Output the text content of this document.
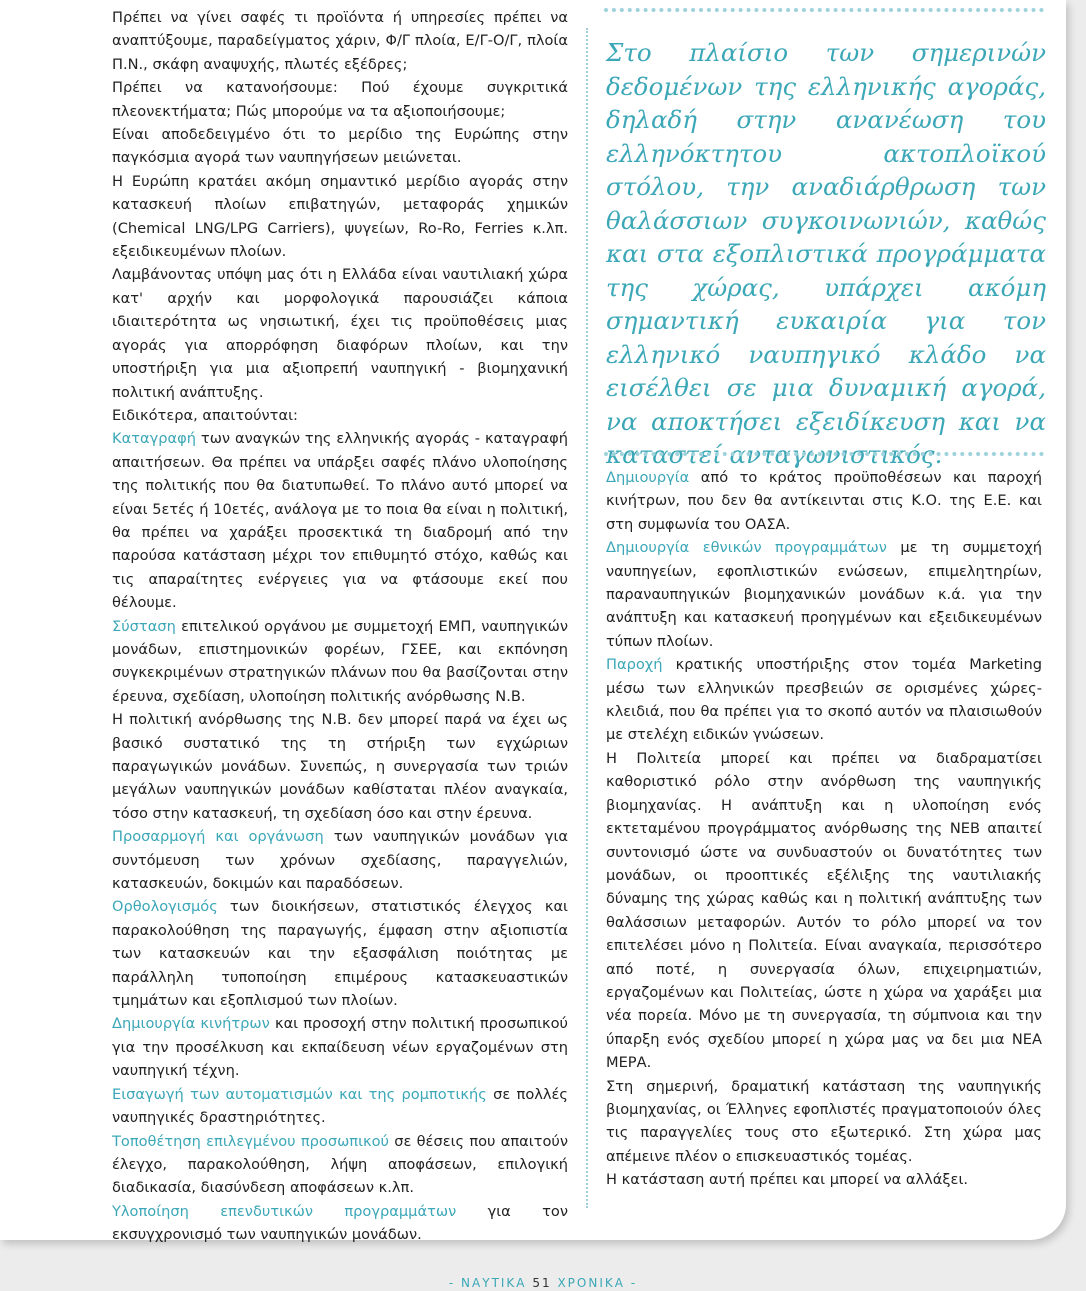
Πρέπει να γίνει σαφές τι προϊόντα ή υπηρεσίες πρέπει να αναπτύξουμε, παραδείγματος χάριν, Φ/Γ πλοία, Ε/Γ-Ο/Γ, πλοία Π.Ν., σκάφη αναψυχής, πλωτές εξέδρες;

Πρέπει να κατανοήσουμε: Πού έχουμε συγκριτικά πλεονεκτήματα; Πώς μπορούμε να τα αξιοποιήσουμε;

Είναι αποδεδειγμένο ότι το μερίδιο της Ευρώπης στην παγκόσμια αγορά των ναυπηγήσεων μειώνεται.

Η Ευρώπη κρατάει ακόμη σημαντικό μερίδιο αγοράς στην κατασκευή πλοίων επιβατηγών, μεταφοράς χημικών (Chemical LNG/LPG Carriers), ψυγείων, Ro-Ro, Ferries κ.λπ. εξειδικευμένων πλοίων.

Λαμβάνοντας υπόψη μας ότι η Ελλάδα είναι ναυτιλιακή χώρα κατ' αρχήν και μορφολογικά παρουσιάζει κάποια ιδιαιτερότητα ως νησιωτική, έχει τις προϋποθέσεις μιας αγοράς για απορρόφηση διαφόρων πλοίων, και την υποστήριξη για μια αξιοπρεπή ναυπηγική - βιομηχανική πολιτική ανάπτυξης.

Ειδικότερα, απαιτούνται:

Καταγραφή των αναγκών της ελληνικής αγοράς - καταγραφή απαιτήσεων. Θα πρέπει να υπάρξει σαφές πλάνο υλοποίησης της πολιτικής που θα διατυπωθεί. Το πλάνο αυτό μπορεί να είναι 5ετές ή 10ετές, ανάλογα με το ποια θα είναι η πολιτική, θα πρέπει να χαράξει προσεκτικά τη διαδρομή από την παρούσα κατάσταση μέχρι τον επιθυμητό στόχο, καθώς και τις απαραίτητες ενέργειες για να φτάσουμε εκεί που θέλουμε.

Σύσταση επιτελικού οργάνου με συμμετοχή ΕΜΠ, ναυπηγικών μονάδων, επιστημονικών φορέων, ΓΣΕΕ, και εκπόνηση συγκεκριμένων στρατηγικών πλάνων που θα βασίζονται στην έρευνα, σχεδίαση, υλοποίηση πολιτικής ανόρθωσης Ν.Β.

Η πολιτική ανόρθωσης της Ν.Β. δεν μπορεί παρά να έχει ως βασικό συστατικό της τη στήριξη των εγχώριων παραγωγικών μονάδων. Συνεπώς, η συνεργασία των τριών μεγάλων ναυπηγικών μονάδων καθίσταται πλέον αναγκαία, τόσο στην κατασκευή, τη σχεδίαση όσο και στην έρευνα.

Προσαρμογή και οργάνωση των ναυπηγικών μονάδων για συντόμευση των χρόνων σχεδίασης, παραγγελιών, κατασκευών, δοκιμών και παραδόσεων.

Ορθολογισμός των διοικήσεων, στατιστικός έλεγχος και παρακολούθηση της παραγωγής, έμφαση στην αξιοπιστία των κατασκευών και την εξασφάλιση ποιότητας με παράλληλη τυποποίηση επιμέρους κατασκευαστικών τμημάτων και εξοπλισμού των πλοίων.

Δημιουργία κινήτρων και προσοχή στην πολιτική προσωπικού για την προσέλκυση και εκπαίδευση νέων εργαζομένων στη ναυπηγική τέχνη.

Εισαγωγή των αυτοματισμών και της ρομποτικής σε πολλές ναυπηγικές δραστηριότητες.

Τοποθέτηση επιλεγμένου προσωπικού σε θέσεις που απαιτούν έλεγχο, παρακολούθηση, λήψη αποφάσεων, επιλογική διαδικασία, διασύνδεση αποφάσεων κ.λπ.

Υλοποίηση επενδυτικών προγραμμάτων για τον εκσυγχρονισμό των ναυπηγικών μονάδων.

Στο πλαίσιο των σημερινών δεδομένων της ελληνικής αγοράς, δηλαδή στην ανανέωση του ελληνόκτητου ακτοπλοϊκού στόλου, την αναδιάρθρωση των θαλάσσιων συγκοινωνιών, καθώς και στα εξοπλιστικά προγράμματα της χώρας, υπάρχει ακόμη σημαντική ευκαιρία για τον ελληνικό ναυπηγικό κλάδο να εισέλθει σε μια δυναμική αγορά, να αποκτήσει εξειδίκευση και να καταστεί ανταγωνιστικός.

Δημιουργία από το κράτος προϋποθέσεων και παροχή κινήτρων, που δεν θα αντίκεινται στις Κ.Ο. της Ε.Ε. και στη συμφωνία του ΟΑΣΑ.

Δημιουργία εθνικών προγραμμάτων με τη συμμετοχή ναυπηγείων, εφοπλιστικών ενώσεων, επιμελητηρίων, παραναυπηγικών βιομηχανικών μονάδων κ.ά. για την ανάπτυξη και κατασκευή προηγμένων και εξειδικευμένων τύπων πλοίων.

Παροχή κρατικής υποστήριξης στον τομέα Marketing μέσω των ελληνικών πρεσβειών σε ορισμένες χώρες-κλειδιά, που θα πρέπει για το σκοπό αυτόν να πλαισιωθούν με στελέχη ειδικών γνώσεων.

Η Πολιτεία μπορεί και πρέπει να διαδραματίσει καθοριστικό ρόλο στην ανόρθωση της ναυπηγικής βιομηχανίας. Η ανάπτυξη και η υλοποίηση ενός εκτεταμένου προγράμματος ανόρθωσης της ΝΕΒ απαιτεί συντονισμό ώστε να συνδυαστούν οι δυνατότητες των μονάδων, οι προοπτικές εξέλιξης της ναυτιλιακής δύναμης της χώρας καθώς και η πολιτική ανάπτυξης των θαλάσσιων μεταφορών. Αυτόν το ρόλο μπορεί να τον επιτελέσει μόνο η Πολιτεία. Είναι αναγκαία, περισσότερο από ποτέ, η συνεργασία όλων, επιχειρηματιών, εργαζομένων και Πολιτείας, ώστε η χώρα να χαράξει μια νέα πορεία. Μόνο με τη συνεργασία, τη σύμπνοια και την ύπαρξη ενός σχεδίου μπορεί η χώρα μας να δει μια ΝΕΑ ΜΕΡΑ.

Στη σημερινή, δραματική κατάσταση της ναυπηγικής βιομηχανίας, οι Έλληνες εφοπλιστές πραγματοποιούν όλες τις παραγγελίες τους στο εξωτερικό. Στη χώρα μας απέμεινε πλέον ο επισκευαστικός τομέας.

Η κατάσταση αυτή πρέπει και μπορεί να αλλάξει.

- ΝΑΥΤΙΚΑ 51 ΧΡΟΝΙΚΑ -
